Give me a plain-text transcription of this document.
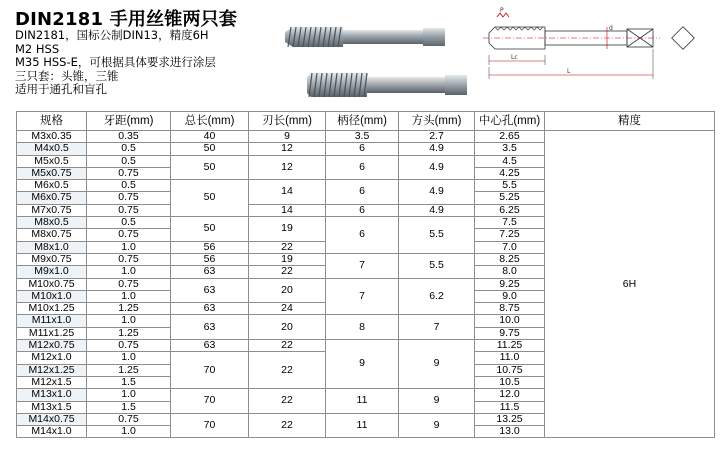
DIN2181 手用丝锥两只套
DIN2181，国标公制DIN13，精度6H
M2 HSS
M35 HSS-E，可根据具体要求进行涂层
三只套：头锥，三锥
适用于通孔和盲孔
P
d
Lc
L
规格	牙距(mm)	总长(mm)	刃长(mm)	柄径(mm)	方头(mm)	中心孔(mm)	精度
M3x0.35	0.35	40	9	3.5	2.7	2.65	6H
M4x0.5	0.5	50	12	6	4.9	3.5	
M5x0.5	0.5	50	12	6	4.9	4.5	
M5x0.75	0.75					4.25	
M6x0.5	0.5	50	14	6	4.9	5.5	
M6x0.75	0.75					5.25	
M7x0.75	0.75		14	6	4.9	6.25	
M8x0.5	0.5	50	19	6	5.5	7.5	
M8x0.75	0.75					7.25	
M8x1.0	1.0	56	22			7.0	
M9x0.75	0.75	56	19	7	5.5	8.25	
M9x1.0	1.0	63	22			8.0	
M10x0.75	0.75	63	20	7	6.2	9.25	
M10x1.0	1.0					9.0	
M10x1.25	1.25	63	24			8.75	
M11x1.0	1.0	63	20	8	7	10.0	
M11x1.25	1.25					9.75	
M12x0.75	0.75	63	22	9	9	11.25	
M12x1.0	1.0	70	22			11.0	
M12x1.25	1.25					10.75	
M12x1.5	1.5					10.5	
M13x1.0	1.0	70	22	11	9	12.0	
M13x1.5	1.5					11.5	
M14x0.75	0.75	70	22	11	9	13.25	
M14x1.0	1.0					13.0	
